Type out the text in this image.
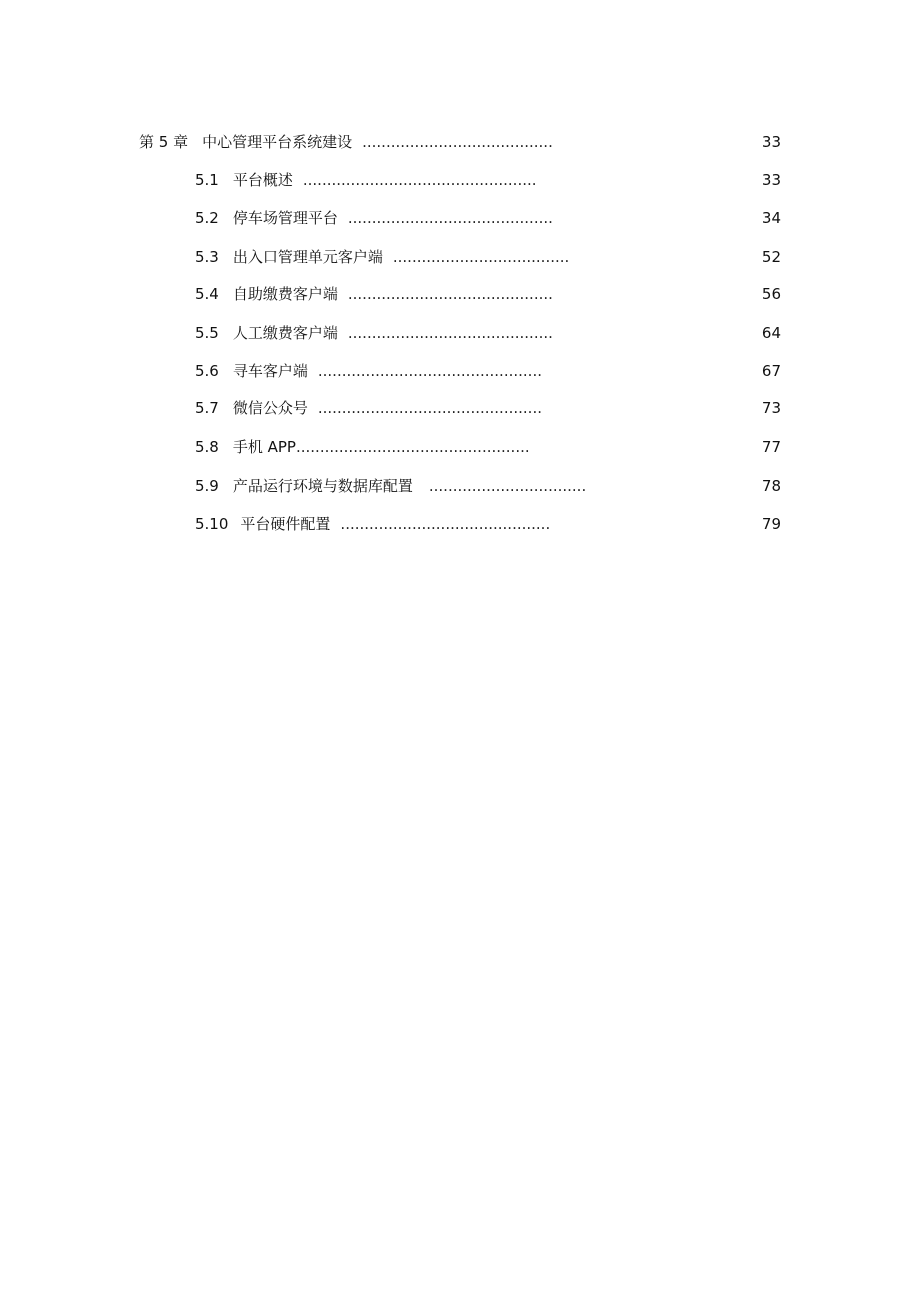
第 5 章 中心管理平台系统建设 ........................................	33
5.1 平台概述 .................................................	33
5.2 停车场管理平台 ...........................................	34
5.3 出入口管理单元客户端 .....................................	52
5.4 自助缴费客户端 ...........................................	56
5.5 人工缴费客户端 ...........................................	64
5.6 寻车客户端 ...............................................	67
5.7 微信公众号 ...............................................	73
5.8 手机 APP.................................................	77
5.9 产品运行环境与数据库配置 .................................	78
5.10 平台硬件配置 ............................................	79
